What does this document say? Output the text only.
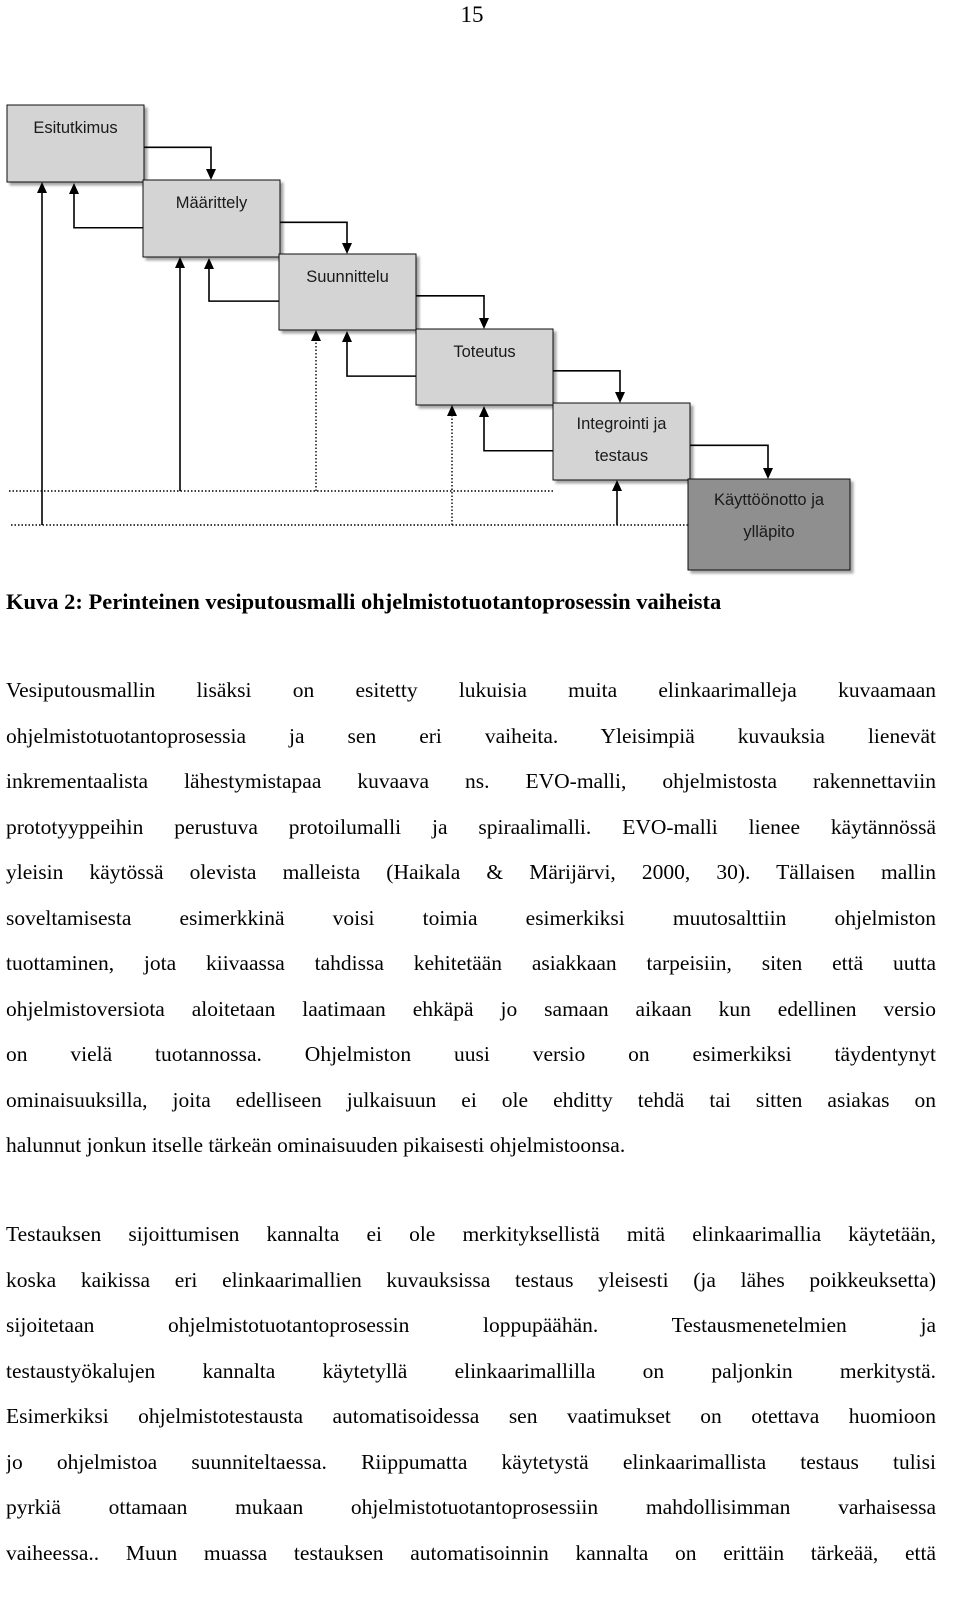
15
Esitutkimus
Määrittely
Suunnittelu
Toteutus
Integrointi ja
testaus
Käyttöönotto ja
ylläpito
Kuva 2: Perinteinen vesiputousmalli ohjelmistotuotantoprosessin vaiheista
Vesiputousmallin lisäksi on esitetty lukuisia muita elinkaarimalleja kuvaamaan
ohjelmistotuotantoprosessia ja sen eri vaiheita. Yleisimpiä kuvauksia lienevät
inkrementaalista lähestymistapaa kuvaava ns. EVO-malli, ohjelmistosta rakennettaviin
prototyyppeihin perustuva protoilumalli ja spiraalimalli. EVO-malli lienee käytännössä
yleisin käytössä olevista malleista (Haikala & Märijärvi, 2000, 30). Tällaisen mallin
soveltamisesta esimerkkinä voisi toimia esimerkiksi muutosalttiin ohjelmiston
tuottaminen, jota kiivaassa tahdissa kehitetään asiakkaan tarpeisiin, siten että uutta
ohjelmistoversiota aloitetaan laatimaan ehkäpä jo samaan aikaan kun edellinen versio
on vielä tuotannossa. Ohjelmiston uusi versio on esimerkiksi täydentynyt
ominaisuuksilla, joita edelliseen julkaisuun ei ole ehditty tehdä tai sitten asiakas on
halunnut jonkun itselle tärkeän ominaisuuden pikaisesti ohjelmistoonsa.
Testauksen sijoittumisen kannalta ei ole merkityksellistä mitä elinkaarimallia käytetään,
koska kaikissa eri elinkaarimallien kuvauksissa testaus yleisesti (ja lähes poikkeuksetta)
sijoitetaan ohjelmistotuotantoprosessin loppupäähän. Testausmenetelmien ja
testaustyökalujen kannalta käytetyllä elinkaarimallilla on paljonkin merkitystä.
Esimerkiksi ohjelmistotestausta automatisoidessa sen vaatimukset on otettava huomioon
jo ohjelmistoa suunniteltaessa. Riippumatta käytetystä elinkaarimallista testaus tulisi
pyrkiä ottamaan mukaan ohjelmistotuotantoprosessiin mahdollisimman varhaisessa
vaiheessa.. Muun muassa testauksen automatisoinnin kannalta on erittäin tärkeää, että
